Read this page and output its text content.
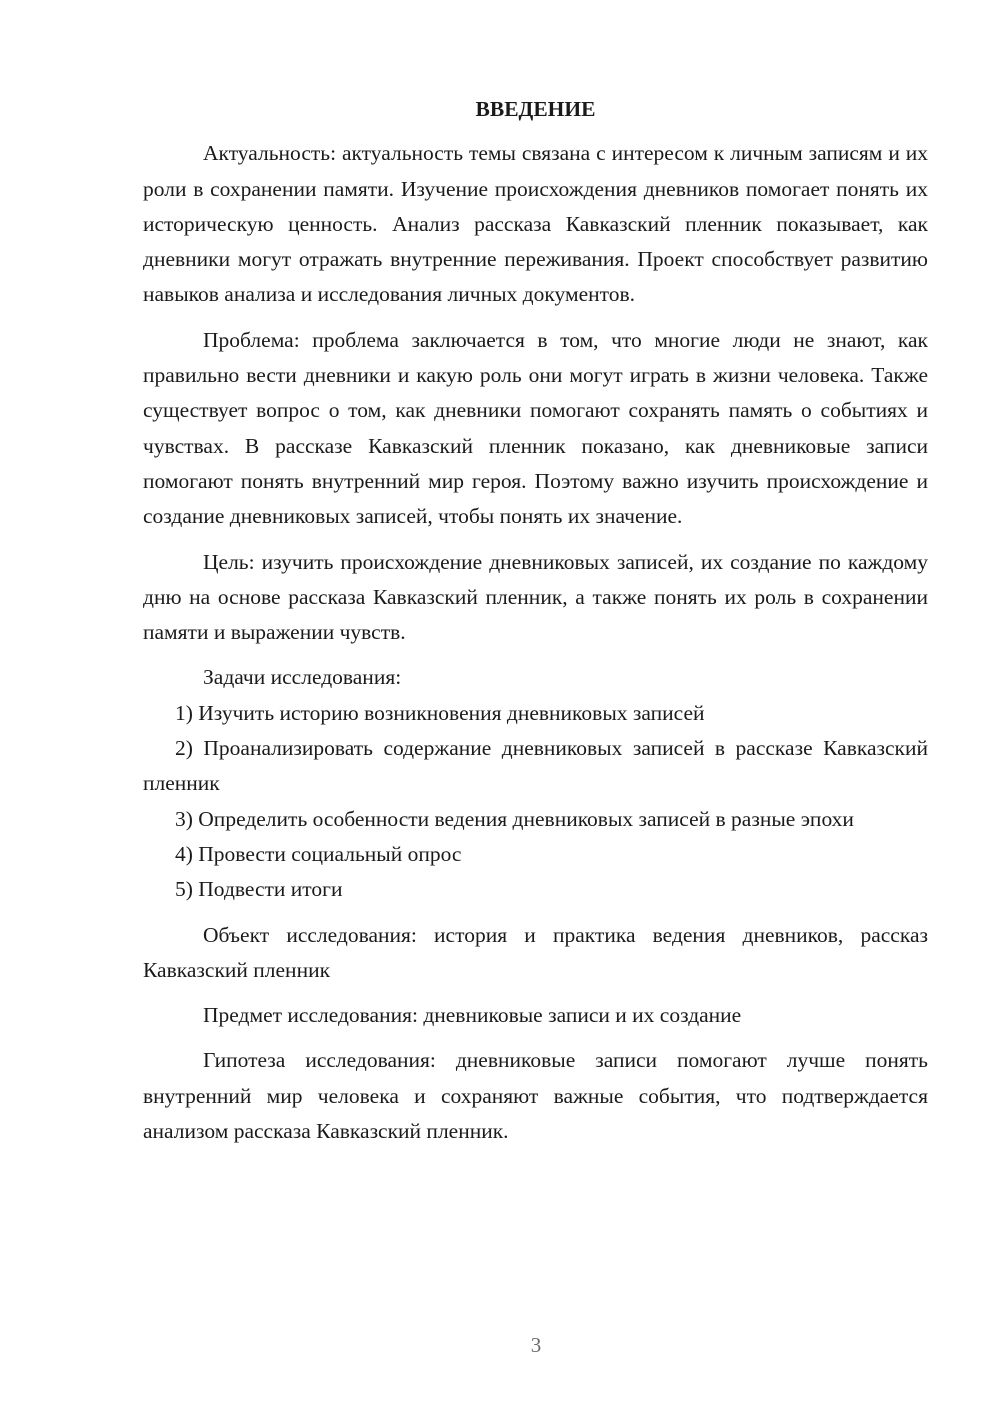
ВВЕДЕНИЕ

Актуальность: актуальность темы связана с интересом к личным записям и их роли в сохранении памяти. Изучение происхождения дневников помогает понять их историческую ценность. Анализ рассказа Кавказский пленник показывает, как дневники могут отражать внутренние переживания. Проект способствует развитию навыков анализа и исследования личных документов.

Проблема: проблема заключается в том, что многие люди не знают, как правильно вести дневники и какую роль они могут играть в жизни человека. Также существует вопрос о том, как дневники помогают сохранять память о событиях и чувствах. В рассказе Кавказский пленник показано, как дневниковые записи помогают понять внутренний мир героя. Поэтому важно изучить происхождение и создание дневниковых записей, чтобы понять их значение.

Цель: изучить происхождение дневниковых записей, их создание по каждому дню на основе рассказа Кавказский пленник, а также понять их роль в сохранении памяти и выражении чувств.

Задачи исследования:

1) Изучить историю возникновения дневниковых записей

2) Проанализировать содержание дневниковых записей в рассказе Кавказский пленник

3) Определить особенности ведения дневниковых записей в разные эпохи

4) Провести социальный опрос

5) Подвести итоги

Объект исследования: история и практика ведения дневников, рассказ Кавказский пленник

Предмет исследования: дневниковые записи и их создание

Гипотеза исследования: дневниковые записи помогают лучше понять внутренний мир человека и сохраняют важные события, что подтверждается анализом рассказа Кавказский пленник.

3
